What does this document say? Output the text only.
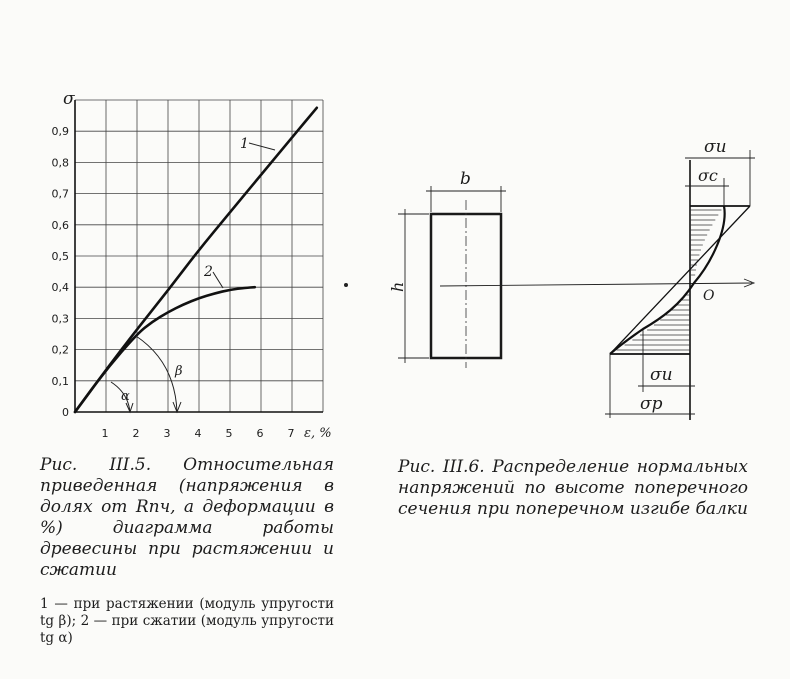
0
0,1
0,2
0,3
0,4
0,5
0,6
0,7
0,8
0,9
1 2 3 4 5 6 7
σ
ε, %
1
2
α
β
b
h
σu
σc
O
σu
σp
Рис. III.5. Относительная приведенная (напряжения в долях от Rпч, а деформации в %) диаграмма работы древесины при растяжении и сжатии
1 — при растяжении (модуль упругости tg β); 2 — при сжатии (модуль упругости tg α)
Рис. III.6. Распределение нормальных напряжений по высоте поперечного сечения при поперечном изгибе балки
